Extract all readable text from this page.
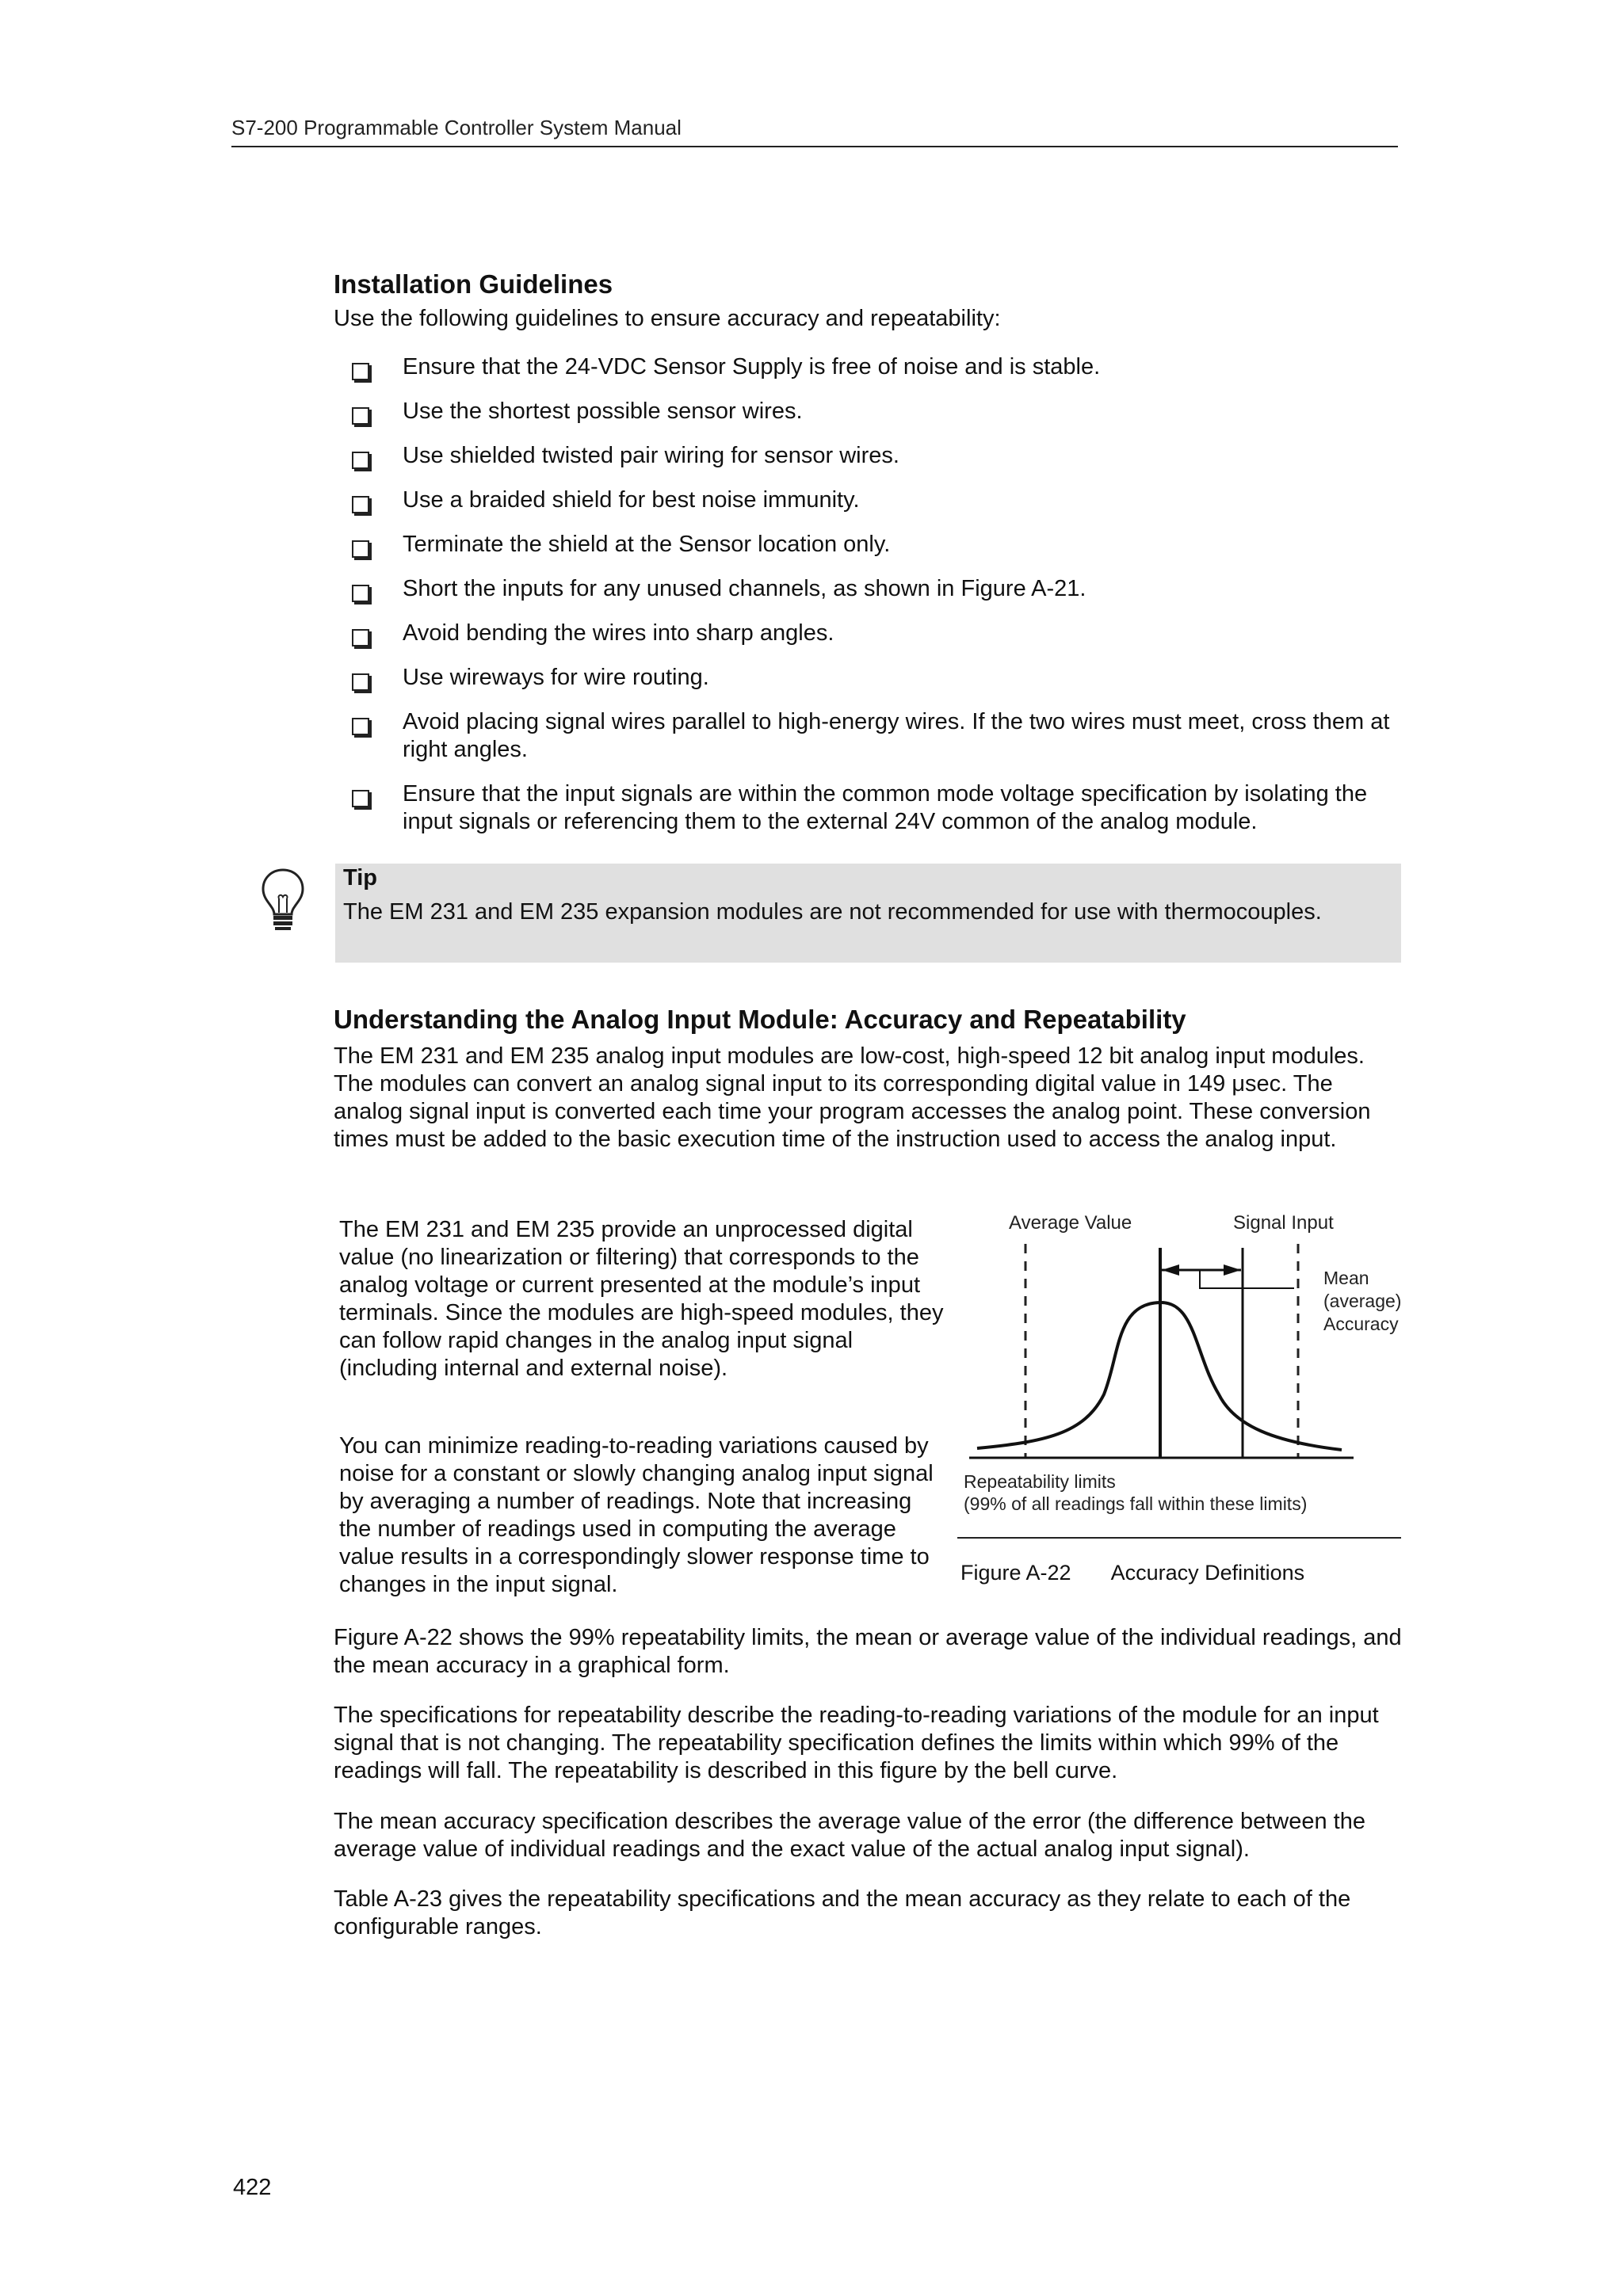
S7-200 Programmable Controller System Manual
Installation Guidelines
Use the following guidelines to ensure accuracy and repeatability:
Ensure that the 24-VDC Sensor Supply is free of noise and is stable.
Use the shortest possible sensor wires.
Use shielded twisted pair wiring for sensor wires.
Use a braided shield for best noise immunity.
Terminate the shield at the Sensor location only.
Short the inputs for any unused channels, as shown in Figure A-21.
Avoid bending the wires into sharp angles.
Use wireways for wire routing.
Avoid placing signal wires parallel to high-energy wires. If the two wires must meet, cross them at right angles.
Ensure that the input signals are within the common mode voltage specification by isolating the input signals or referencing them to the external 24V common of the analog module.
Tip
The EM 231 and EM 235 expansion modules are not recommended for use with thermocouples.
Understanding the Analog Input Module: Accuracy and Repeatability
The EM 231 and EM 235 analog input modules are low-cost, high-speed 12 bit analog input modules. The modules can convert an analog signal input to its corresponding digital value in 149 μsec. The analog signal input is converted each time your program accesses the analog point. These conversion times must be added to the basic execution time of the instruction used to access the analog input.
The EM 231 and EM 235 provide an unprocessed digital value (no linearization or filtering) that corresponds to the analog voltage or current presented at the module’s input terminals. Since the modules are high-speed modules, they can follow rapid changes in the analog input signal (including internal and external noise).
You can minimize reading-to-reading variations caused by noise for a constant or slowly changing analog input signal by averaging a number of readings. Note that increasing the number of readings used in computing the average value results in a correspondingly slower response time to changes in the input signal.
Average Value	Signal Input
Mean
(average)
Accuracy
Repeatability limits
(99% of all readings fall within these limits)
Figure A-22 Accuracy Definitions
Figure A-22 shows the 99% repeatability limits, the mean or average value of the individual readings, and the mean accuracy in a graphical form.
The specifications for repeatability describe the reading-to-reading variations of the module for an input signal that is not changing. The repeatability specification defines the limits within which 99% of the readings will fall. The repeatability is described in this figure by the bell curve.
The mean accuracy specification describes the average value of the error (the difference between the average value of individual readings and the exact value of the actual analog input signal).
Table A-23 gives the repeatability specifications and the mean accuracy as they relate to each of the configurable ranges.
422
